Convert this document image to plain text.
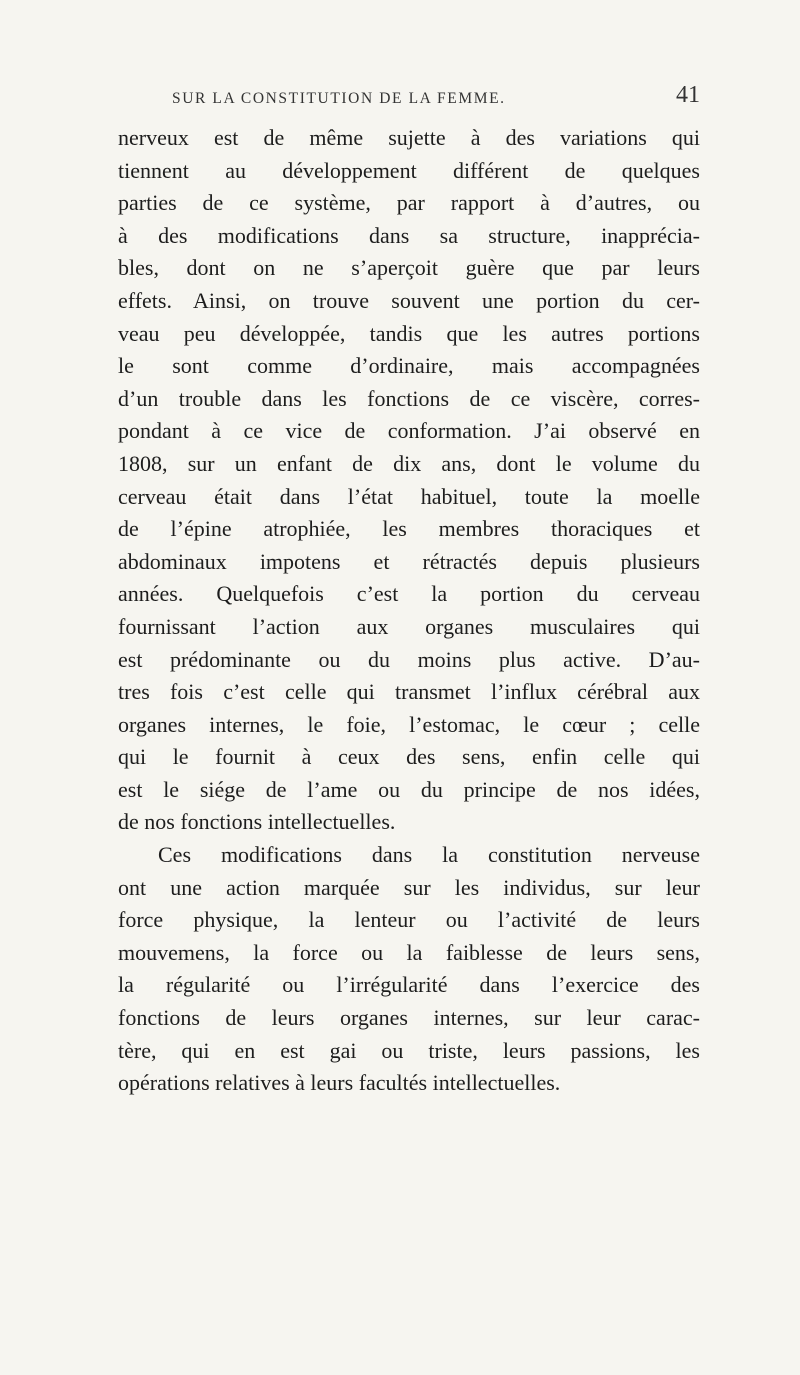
SUR LA CONSTITUTION DE LA FEMME.	41
nerveux est de même sujette à des variations qui
tiennent au développement différent de quelques
parties de ce système, par rapport à d’autres, ou
à des modifications dans sa structure, inapprécia-
bles, dont on ne s’aperçoit guère que par leurs
effets. Ainsi, on trouve souvent une portion du cer-
veau peu développée, tandis que les autres portions
le sont comme d’ordinaire, mais accompagnées
d’un trouble dans les fonctions de ce viscère, corres-
pondant à ce vice de conformation. J’ai observé en
1808, sur un enfant de dix ans, dont le volume du
cerveau était dans l’état habituel, toute la moelle
de l’épine atrophiée, les membres thoraciques et
abdominaux impotens et rétractés depuis plusieurs
années. Quelquefois c’est la portion du cerveau
fournissant l’action aux organes musculaires qui
est prédominante ou du moins plus active. D’au-
tres fois c’est celle qui transmet l’influx cérébral aux
organes internes, le foie, l’estomac, le cœur ; celle
qui le fournit à ceux des sens, enfin celle qui
est le siége de l’ame ou du principe de nos idées,
de nos fonctions intellectuelles.
Ces modifications dans la constitution nerveuse
ont une action marquée sur les individus, sur leur
force physique, la lenteur ou l’activité de leurs
mouvemens, la force ou la faiblesse de leurs sens,
la régularité ou l’irrégularité dans l’exercice des
fonctions de leurs organes internes, sur leur carac-
tère, qui en est gai ou triste, leurs passions, les
opérations relatives à leurs facultés intellectuelles.
